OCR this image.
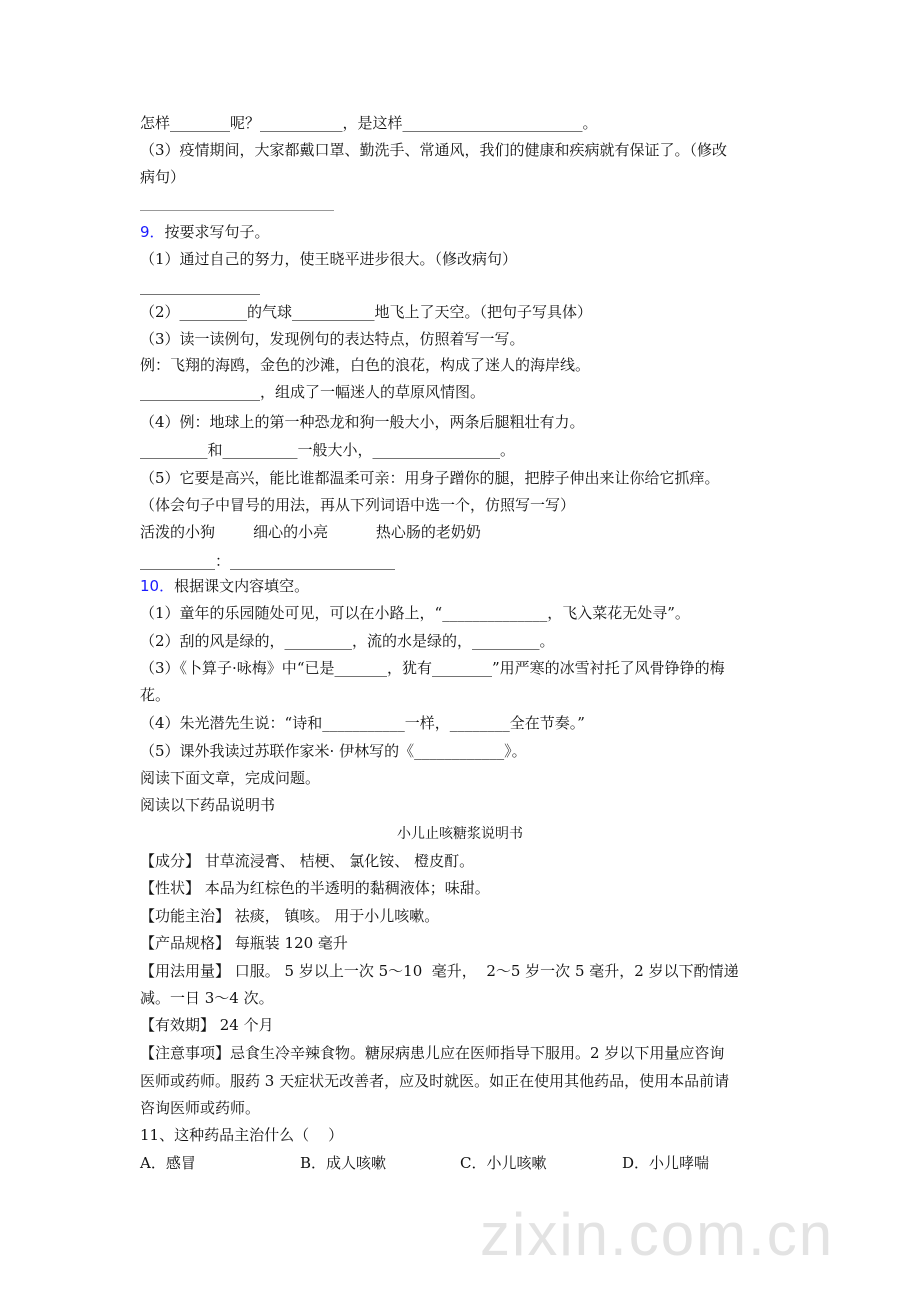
zixin.com.cn
怎样________呢？___________，是这样________________________。
（3）疫情期间，大家都戴口罩、勤洗手、常通风，我们的健康和疾病就有保证了。（修改
病句）
9．按要求写句子。
（1）通过自己的努力，使王晓平进步很大。（修改病句）
________________
（2）_________的气球___________地飞上了天空。（把句子写具体）
（3）读一读例句，发现例句的表达特点，仿照着写一写。
例：飞翔的海鸥，金色的沙滩，白色的浪花，构成了迷人的海岸线。
________________，组成了一幅迷人的草原风情图。
（4）例：地球上的第一种恐龙和狗一般大小，两条后腿粗壮有力。
_________和__________一般大小，_________________。
（5）它要是高兴，能比谁都温柔可亲：用身子蹭你的腿，把脖子伸出来让你给它抓痒。
（体会句子中冒号的用法，再从下列词语中选一个，仿照写一写）
活泼的小狗        细心的小亮          热心肠的老奶奶
__________：______________________
10．根据课文内容填空。
（1）童年的乐园随处可见，可以在小路上，“______________，飞入菜花无处寻”。
（2）刮的风是绿的，_________，流的水是绿的，_________。
（3）《卜算子·咏梅》中“已是_______，犹有________”用严寒的冰雪衬托了风骨铮铮的梅
花。
（4）朱光潜先生说：“诗和___________一样，________全在节奏。”
（5）课外我读过苏联作家米· 伊林写的《____________》。
阅读下面文章，完成问题。
阅读以下药品说明书
小儿止咳糖浆说明书
【成分】 甘草流浸膏、 桔梗、 氯化铵、 橙皮酊。
【性状】 本品为红棕色的半透明的黏稠液体；味甜。
【功能主治】 祛痰， 镇咳。 用于小儿咳嗽。
【产品规格】 每瓶装 120 毫升
【用法用量】 口服。 5 岁以上一次 5～10  毫升，  2～5 岁一次 5 毫升，2 岁以下酌情递
减。一日 3～4 次。
【有效期】 24 个月
【注意事项】忌食生冷辛辣食物。糖尿病患儿应在医师指导下服用。2 岁以下用量应咨询
医师或药师。服药 3 天症状无改善者，应及时就医。如正在使用其他药品，使用本品前请
咨询医师或药师。
11、这种药品主治什么（    ）
A．感冒	B．成人咳嗽	C．小儿咳嗽	D．小儿哮喘
